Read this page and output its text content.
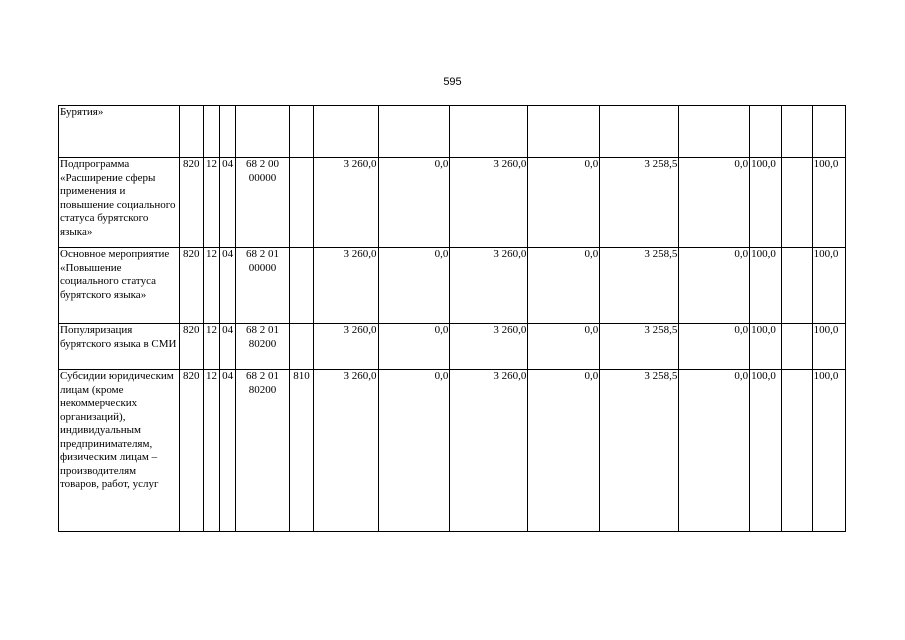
595
Бурятия»														
Подпрограмма «Расширение сферы применения и повышение социального статуса бурятского языка»	820	12	04	68 2 00 00000		3 260,0	0,0	3 260,0	0,0	3 258,5	0,0	100,0		100,0
Основное мероприятие «Повышение социального статуса бурятского языка»	820	12	04	68 2 01 00000		3 260,0	0,0	3 260,0	0,0	3 258,5	0,0	100,0		100,0
Популяризация бурятского языка в СМИ	820	12	04	68 2 01 80200		3 260,0	0,0	3 260,0	0,0	3 258,5	0,0	100,0		100,0
Субсидии юридическим лицам (кроме некоммерческих организаций), индивидуальным предпринимателям, физическим лицам – производителям товаров, работ, услуг	820	12	04	68 2 01 80200	810	3 260,0	0,0	3 260,0	0,0	3 258,5	0,0	100,0		100,0
